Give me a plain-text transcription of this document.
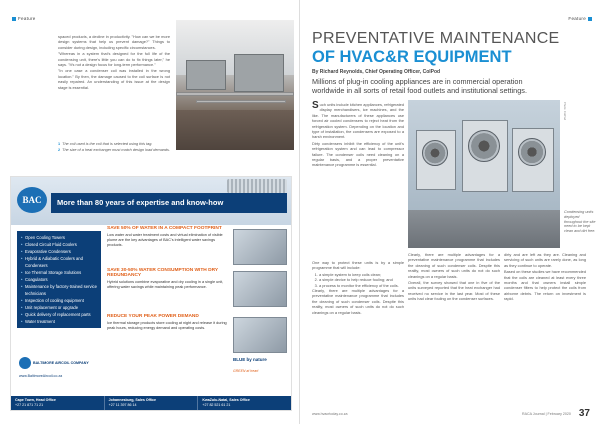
Feature

spaced products, a decline in productivity. "How can we be more design systems that help us prevent damage?" Things to consider during design, including specific circumstances.

"Whereas in a system that’s designed for the full life of the condensing unit, there’s little you can do to fix things later," he says. "It’s not a design focus for long-term performance."

"In one case a condenser coil was installed in the wrong location." By then, the damage caused to the coil surface is not easily repaired. An understanding of this issue at the design stage is essential.

1 The coil used is the coil that is selected using this tag.
2 The size of a heat exchanger must match design load demands.
BAC	More than 80 years of expertise and know-how
• Open Cooling Towers
• Closed Circuit Fluid Coolers
• Evaporative Condensers
• Hybrid & Adiabatic Coolers and Condensers
• Ice Thermal Storage Solutions
• Coagulators
• Maintenance by factory-trained service technicians
• Inspection of cooling equipment
• Unit replacement or upgrade
• Quick delivery of replacement parts
• Water treatment
SAVE 50% OF WATER IN A COMPACT FOOTPRINT
Low water and water treatment costs and virtual elimination of visible plume are the key advantages of BAC’s intelligent water savings products.
SAVE 30-50% WATER CONSUMPTION WITH DRY REDUNDANCY
Hybrid solutions combine evaporative and dry cooling in a single unit, offering water savings while maintaining peak performance.
REDUCE YOUR PEAK POWER DEMAND
Ice thermal storage products store cooling at night and release it during peak hours, reducing energy demand and operating costs.
BLUE by nature
GREEN at heart
BALTIMORE AIRCOIL COMPANY
www.BaltimoreAircoil.co.za
Cape Town, Head Office
+27 21 871 71 21
Johannesburg, Sales Office
+27 11 397 86 14
KwaZulu-Natal, Sales Office
+27 82 521 61 21
Feature
PREVENTATIVE MAINTENANCE
OF HVAC&R EQUIPMENT
By Richard Reynolds, Chief Operating Officer, ColPod
Millions of plug-in cooling appliances are in commercial operation worldwide in all sorts of retail food outlets and institutional settings.

Such units include kitchen appliances, refrigerated display merchandisers, ice machines, and the like. The manufacturers of these appliances use forced air cooled condensers to reject heat from the refrigeration system. Depending on the location and type of installation, the condensers are exposed to a harsh environment.

Dirty condensers inhibit the efficiency of the unit’s refrigeration system and can lead to compressor failure. The condenser coils need cleaning on a regular basis, and a proper preventative maintenance programme is essential.

Photo: ColPod
Condensing units deployed throughout the site need to be kept clean and dirt free.

One way to protect these units is by a simple programme that will include:

1. a simple system to keep coils clean;
2. a simple device to help reduce fouling; and
3. a process to monitor the efficiency of the coils.

Clearly, there are multiple advantages for a preventative maintenance programme that includes the cleaning of such condenser coils. Despite this reality, most owners of such units do not do such cleanings on a regular basis.

Clearly, there are multiple advantages for a preventative maintenance programme that includes the cleaning of such condenser coils. Despite this reality, most owners of such units do not do such cleanings on a regular basis.

Overall, the survey showed that one in five of the units surveyed reported that the heat exchanger had received no service in the last year. Most of these units had clear fouling on the condenser surfaces.

dirty and are left as they are. Cleaning and servicing of such units are rarely done, as long as they continue to operate.

Based on these studies we have recommended that the coils are cleaned at least every three months and that owners install simple condenser filters to help protect the coils from airborne debris. The return on investment is rapid.

www.hvacrtoday.co.za	RACA Journal | February 2020 37
